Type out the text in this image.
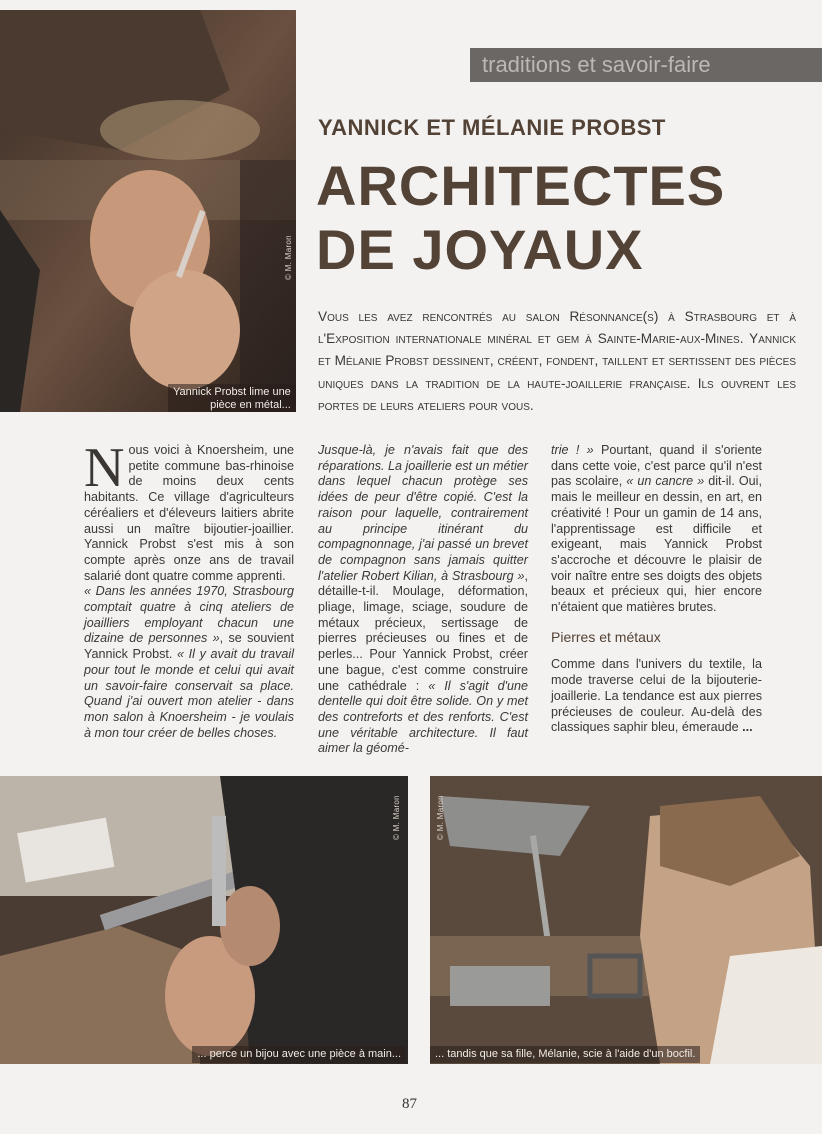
© M. Maron
Yannick Probst lime une
pièce en métal...
traditions et savoir-faire
YANNICK ET MÉLANIE PROBST
ARCHITECTES
DE JOYAUX
Vous les avez rencontrés au salon Résonnance(s) à Strasbourg et à l'Exposition internationale minéral et gem à Sainte-Marie-aux-Mines. Yannick et Mélanie Probst dessinent, créent, fondent, taillent et sertissent des pièces uniques dans la tradition de la haute-joaillerie française. Ils ouvrent les portes de leurs ateliers pour vous.

Nous voici à Knoersheim, une petite commune bas-rhinoise de moins deux cents habitants. Ce village d'agriculteurs céréaliers et d'éleveurs laitiers abrite aussi un maître bijoutier-joaillier. Yannick Probst s'est mis à son compte après onze ans de travail salarié dont quatre comme apprenti.

« Dans les années 1970, Strasbourg comptait quatre à cinq ateliers de joailliers employant chacun une dizaine de personnes », se souvient Yannick Probst. « Il y avait du travail pour tout le monde et celui qui avait un savoir-faire conservait sa place. Quand j'ai ouvert mon atelier - dans mon salon à Knoersheim - je voulais à mon tour créer de belles choses.

Jusque-là, je n'avais fait que des réparations. La joaillerie est un métier dans lequel chacun protège ses idées de peur d'être copié. C'est la raison pour laquelle, contrairement au principe itinérant du compagnonnage, j'ai passé un brevet de compagnon sans jamais quitter l'atelier Robert Kilian, à Strasbourg », détaille-t-il. Moulage, déformation, pliage, limage, sciage, soudure de métaux précieux, sertissage de pierres précieuses ou fines et de perles... Pour Yannick Probst, créer une bague, c'est comme construire une cathédrale : « Il s'agit d'une dentelle qui doit être solide. On y met des contreforts et des renforts. C'est une véritable architecture. Il faut aimer la géomé-

trie ! » Pourtant, quand il s'oriente dans cette voie, c'est parce qu'il n'est pas scolaire, « un cancre » dit-il. Oui, mais le meilleur en dessin, en art, en créativité ! Pour un gamin de 14 ans, l'apprentissage est difficile et exigeant, mais Yannick Probst s'accroche et découvre le plaisir de voir naître entre ses doigts des objets beaux et précieux qui, hier encore n'étaient que matières brutes.

Pierres et métaux

Comme dans l'univers du textile, la mode traverse celui de la bijouterie-joaillerie. La tendance est aux pierres précieuses de couleur. Au-delà des classiques saphir bleu, émeraude ...

© M. Maron
... perce un bijou avec une pièce à main...
© M. Maron
... tandis que sa fille, Mélanie, scie à l'aide d'un bocfil.
87
